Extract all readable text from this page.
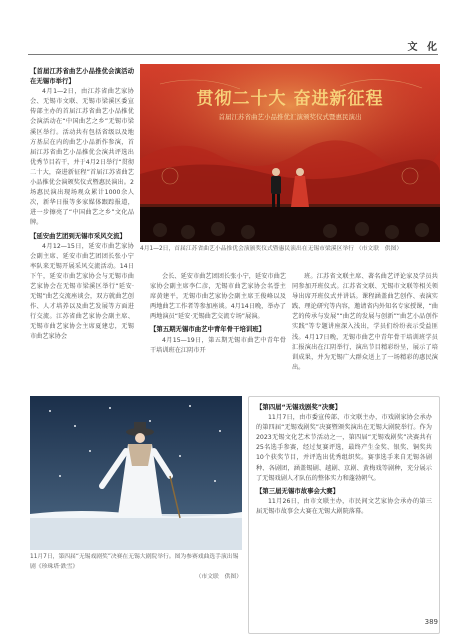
文 化
【首届江苏省曲艺小品推优会演活动在无锡市举行】

4月1—2日，由江苏省曲艺家协会、无锡市文联、无锡市梁溪区委宣传部主办的首届江苏省曲艺小品推优会演活动在“中国曲艺之乡”无锡市梁溪区举行。活动共有包括省级以及地方基层在内的曲艺小品新作参演，首届江苏省曲艺小品推优会演共评选出优秀节目若干，并于4月2日举行“贯彻二十大，奋进新征程”首届江苏省曲艺小品推优会演颁奖仪式暨惠民演出。2场惠民演出现场观众累计1000余人次，新华日报等多家媒体跟踪报道，进一步擦亮了“中国曲艺之乡”文化品牌。

【延安曲艺团到无锡市采风交流】

4月12—15日，延安市曲艺家协会副主席、延安市曲艺团团长张小宁率队来无锡开展采风交流活动。14日下午，延安市曲艺家协会与无锡市曲艺家协会在无锡市梁溪区举行“延安·无锡”曲艺交流座谈会，双方就曲艺创作、人才培养以及曲艺发展等方面进行交流。江苏省曲艺家协会副主席、无锡市曲艺家协会主席夏建忠，无锡市曲艺家协会

贯彻二十大 奋进新征程
首届江苏省曲艺小品推优汇演颁奖仪式暨惠民演出
4月1—2日，首届江苏省曲艺小品推优会演颁奖仪式暨惠民演出在无锡市梁溪区举行 （市文联　供图）

会长、延安市曲艺团团长张小宁，延安市曲艺家协会副主席李仁彦，无锡市曲艺家协会名誉主席黄建平，无锡市曲艺家协会副主席王俊峰以及两地曲艺工作者等参加座谈。4月14日晚，举办了两地演员“延安·无锡曲艺交流专场”展演。

【第五期无锡市曲艺中青年骨干培训班】

4月15—19日，第五期无锡市曲艺中青年骨干培训班在江阴市开

班。江苏省文联主席、著名曲艺评论家及学员共同参加开班仪式。江苏省文联、无锡市文联等相关领导出席开班仪式并讲话。课程涵盖曲艺创作、表演实践、理论研究等内容，邀请省内外知名专家授课，“曲艺的传承与发展”“曲艺的发展与创新”“曲艺小品创作实践”等专题讲座深入浅出，学员们纷纷表示受益匪浅。4月17日晚，无锡市曲艺中青年骨干培训班学员汇报演出在江阴举行，演出节目精彩纷呈，展示了培训成果，并为无锡广大群众送上了一场精彩的惠民演出。

11月7日，第四届“无锡戏剧奖”决赛在无锡大剧院举行。图为参赛戏曲选手演出锡剧《珍珠塔·跌雪》
（市文联　供图）
【第四届“无锡戏剧奖”决赛】

11月7日，由市委宣传部、市文联主办，市戏剧家协会承办的第四届“无锡戏剧奖”决赛暨颁奖演出在无锡大剧院举行。作为2023无锡文化艺术节活动之一，第四届“无锡戏剧奖”决赛共有25名选手参赛，经过复赛评选，最终产生金奖、银奖、铜奖共10个获奖节目，并评选出优秀组织奖。赛事选手来自无锡各剧种、各剧团，涵盖锡剧、越剧、京剧、黄梅戏等剧种，充分展示了无锡戏剧人才队伍的整体实力和蓬勃朝气。

【第三届无锡市故事会大赛】

11月26日，由市文联主办，市民间文艺家协会承办的第三届无锡市故事会大赛在无锡大剧院落幕。

389
